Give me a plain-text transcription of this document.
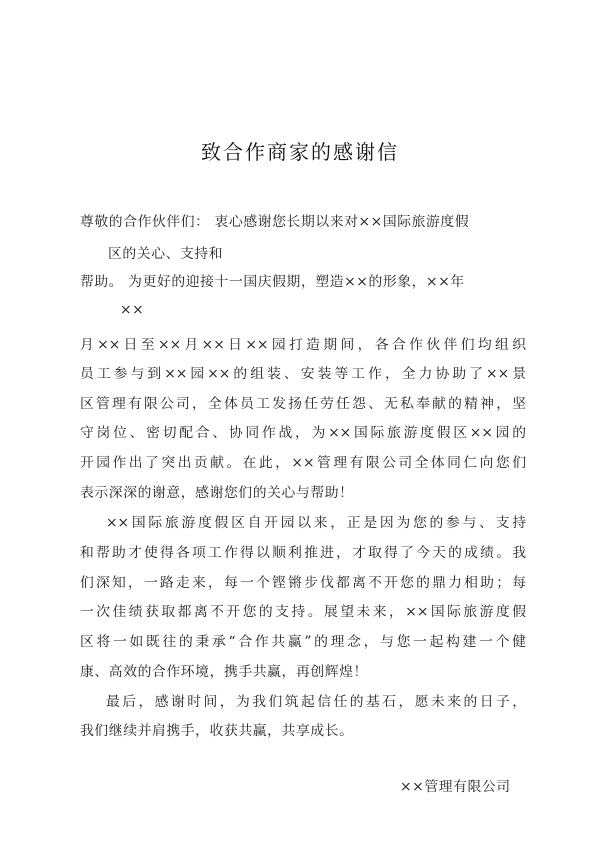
致合作商家的感谢信
尊敬的合作伙伴们： 衷心感谢您长期以来对××国际旅游度假
区的关心、支持和
帮助。 为更好的迎接十一国庆假期，塑造××的形象，××年
××
月××日至××月××日××园打造期间，各合作伙伴们均组织
员工参与到××园××的组装、安装等工作，全力协助了××景
区管理有限公司，全体员工发扬任劳任怨、无私奉献的精神，坚
守岗位、密切配合、协同作战，为××国际旅游度假区××园的
开园作出了突出贡献。在此，××管理有限公司全体同仁向您们
表示深深的谢意，感谢您们的关心与帮助！
××国际旅游度假区自开园以来，正是因为您的参与、支持
和帮助才使得各项工作得以顺利推进，才取得了今天的成绩。我
们深知，一路走来，每一个铿锵步伐都离不开您的鼎力相助；每
一次佳绩获取都离不开您的支持。展望未来，××国际旅游度假
区将一如既往的秉承“合作共赢”的理念，与您一起构建一个健
康、高效的合作环境，携手共赢，再创辉煌！
最后，感谢时间，为我们筑起信任的基石，愿未来的日子，
我们继续并肩携手，收获共赢，共享成长。
××管理有限公司
